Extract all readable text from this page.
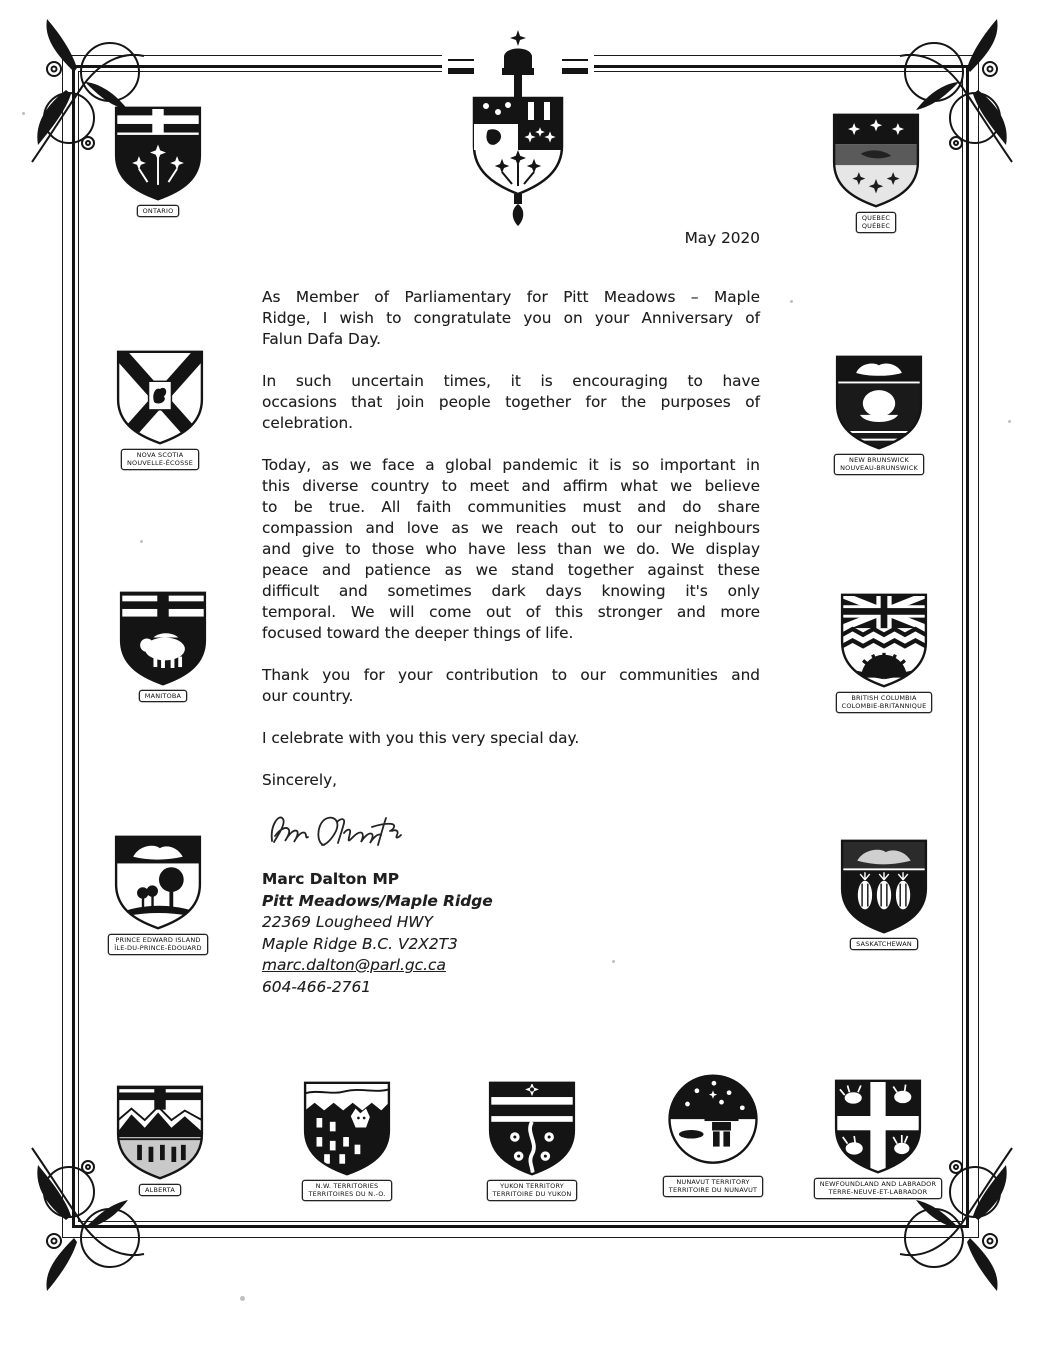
ONTARIO
QUEBEC
QUÉBEC
NOVA SCOTIA
NOUVELLE-ÉCOSSE	NEW BRUNSWICK
NOUVEAU-BRUNSWICK
MANITOBA	BRITISH COLUMBIA
COLOMBIE-BRITANNIQUE
PRINCE EDWARD ISLAND
ÎLE-DU-PRINCE-ÉDOUARD
SASKATCHEWAN
ALBERTA	N.W. TERRITORIES
TERRITOIRES DU N.-O.
YUKON TERRITORY
TERRITOIRE DU YUKON
NUNAVUT TERRITORY
TERRITOIRE DU NUNAVUT
NEWFOUNDLAND AND LABRADOR
TERRE-NEUVE-ET-LABRADOR
May 2020
As Member of Parliamentary for Pitt Meadows – Maple
Ridge, I wish to congratulate you on your Anniversary of
Falun Dafa Day.
In such uncertain times, it is encouraging to have
occasions that join people together for the purposes of
celebration.
Today, as we face a global pandemic it is so important in
this diverse country to meet and affirm what we believe
to be true. All faith communities must and do share
compassion and love as we reach out to our neighbours
and give to those who have less than we do. We display
peace and patience as we stand together against these
difficult and sometimes dark days knowing it's only
temporal. We will come out of this stronger and more
focused toward the deeper things of life.
Thank you for your contribution to our communities and
our country.
I celebrate with you this very special day.
Sincerely,
Marc Dalton MP
Pitt Meadows/Maple Ridge
22369 Lougheed HWY
Maple Ridge B.C. V2X2T3
marc.dalton@parl.gc.ca
604-466-2761
